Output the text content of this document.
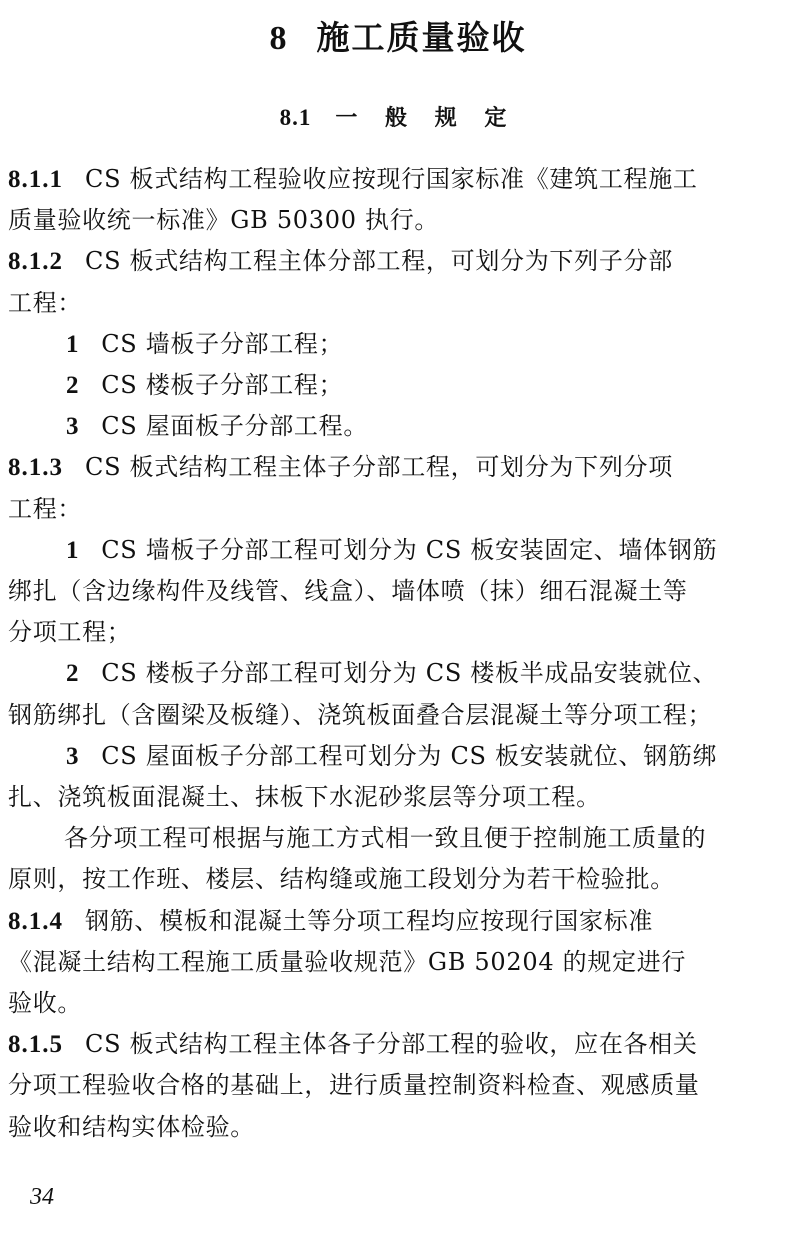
8 施工质量验收
8.1 一 般 规 定
8.1.1 CS 板式结构工程验收应按现行国家标准《建筑工程施工
质量验收统一标准》GB 50300 执行。
8.1.2 CS 板式结构工程主体分部工程，可划分为下列子分部
工程：
1 CS 墙板子分部工程；
2 CS 楼板子分部工程；
3 CS 屋面板子分部工程。
8.1.3 CS 板式结构工程主体子分部工程，可划分为下列分项
工程：
1 CS 墙板子分部工程可划分为 CS 板安装固定、墙体钢筋
绑扎（含边缘构件及线管、线盒）、墙体喷（抹）细石混凝土等
分项工程；
2 CS 楼板子分部工程可划分为 CS 楼板半成品安装就位、
钢筋绑扎（含圈梁及板缝）、浇筑板面叠合层混凝土等分项工程；
3 CS 屋面板子分部工程可划分为 CS 板安装就位、钢筋绑
扎、浇筑板面混凝土、抹板下水泥砂浆层等分项工程。
各分项工程可根据与施工方式相一致且便于控制施工质量的
原则，按工作班、楼层、结构缝或施工段划分为若干检验批。
8.1.4 钢筋、模板和混凝土等分项工程均应按现行国家标准
《混凝土结构工程施工质量验收规范》GB 50204 的规定进行
验收。
8.1.5 CS 板式结构工程主体各子分部工程的验收，应在各相关
分项工程验收合格的基础上，进行质量控制资料检查、观感质量
验收和结构实体检验。
34
